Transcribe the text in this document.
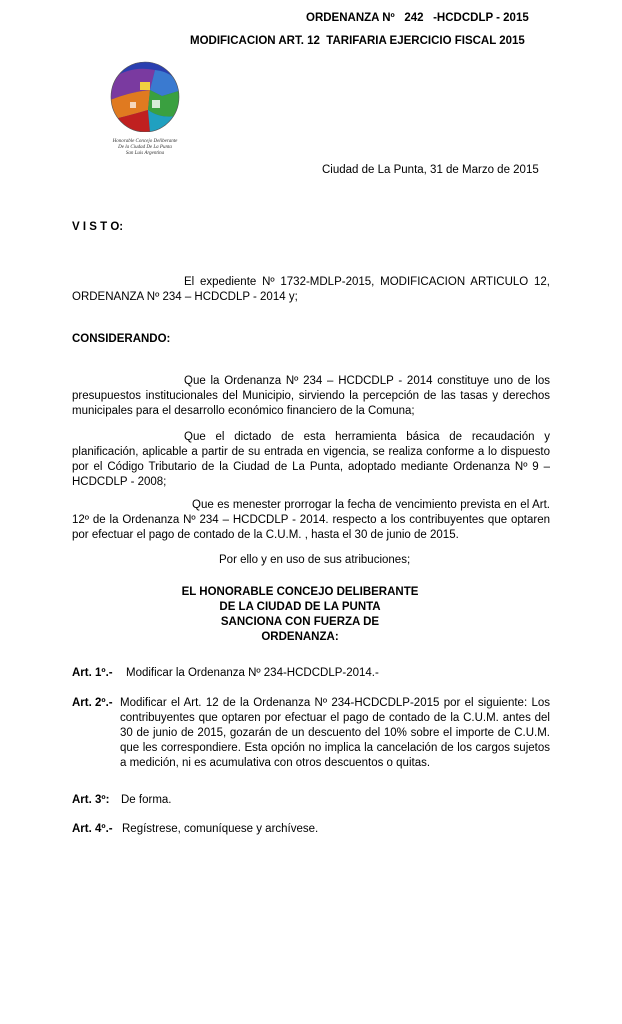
ORDENANZA Nº   242   -HCDCDLP - 2015
MODIFICACION ART. 12  TARIFARIA EJERCICIO FISCAL 2015
Honorable Concejo Deliberante
De la Ciudad De La Punta
San Luis Argentina
Ciudad de La Punta, 31 de Marzo de 2015
V I S T O:
El expediente Nº 1732-MDLP-2015, MODIFICACION ARTICULO 12, ORDENANZA Nº 234 – HCDCDLP - 2014 y;
CONSIDERANDO:
Que la Ordenanza Nº 234 – HCDCDLP - 2014 constituye uno de los presupuestos institucionales del Municipio, sirviendo la percepción de las tasas y derechos municipales para el desarrollo económico financiero de la Comuna;
Que el dictado de esta herramienta básica de recaudación y planificación, aplicable a partir de su entrada en vigencia, se realiza conforme a lo dispuesto por el Código Tributario de la Ciudad de La Punta, adoptado mediante Ordenanza Nº 9 – HCDCDLP - 2008;
Que es menester prorrogar la fecha de vencimiento prevista en el Art. 12º de la Ordenanza Nº 234 – HCDCDLP - 2014. respecto a los contribuyentes que optaren por efectuar el pago de contado de la C.U.M. , hasta el 30 de junio de 2015.
Por ello y en uso de sus atribuciones;
EL HONORABLE CONCEJO DELIBERANTE
DE LA CIUDAD DE LA PUNTA
SANCIONA CON FUERZA DE
ORDENANZA:
Art. 1º.- Modificar la Ordenanza Nº 234-HCDCDLP-2014.-
Art. 2º.- Modificar el Art. 12 de la Ordenanza Nº 234-HCDCDLP-2015 por el siguiente: Los contribuyentes que optaren por efectuar el pago de contado de la C.U.M. antes del 30 de junio de 2015, gozarán de un descuento del 10% sobre el importe de C.U.M. que les correspondiere. Esta opción no implica la cancelación de los cargos sujetos a medición, ni es acumulativa con otros descuentos o quitas.
Art. 3º: De forma.
Art. 4º.- Regístrese, comuníquese y archívese.
